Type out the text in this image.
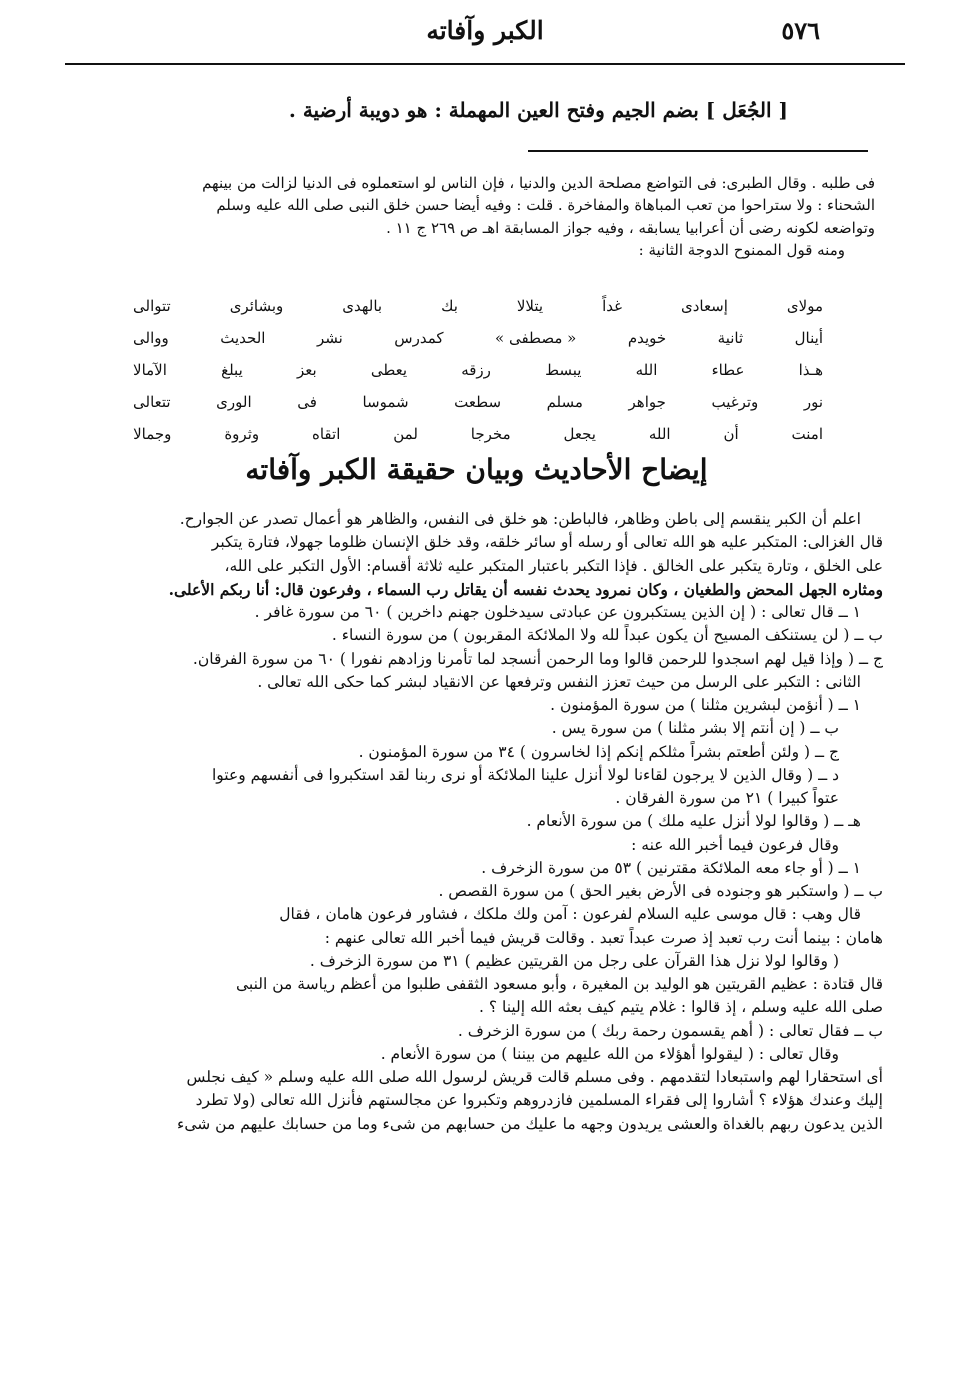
٥٧٦
الكبر وآفاته
[ الجُعَل ] بضم الجيم وفتح العين المهملة : هو دويبة أرضية .
فى طلبه . وقال الطبرى: فى التواضع مصلحة الدين والدنيا ، فإن الناس لو استعملوه فى الدنيا لزالت من بينهم
الشحناء : ولا ستراحوا من تعب المباهاة والمفاخرة . قلت : وفيه أيضا حسن خلق النبى صلى الله عليه وسلم
وتواضعه لكونه رضى أن أعرابيا يسابقه ، وفيه جواز المسابقة اهـ ص ٢٦٩ ج ١١ .
ومنه قول الممنوح الدوجة الثانية :
مولاى
إسعادى
غداً
يتلالا
بك
بالهدى
وبشائرى
تتوالى
أينال
ثانية
خويدم
« مصطفى »
كمدرس
نشر
الحديث
ووالى
هـذا
عطاء
الله
يبسط
رزقه
يعطى
بعز
يبلغ
الآمالا
نور
وترغيب
جواهر
مسلم
سطعت
شموسا
فى
الورى
تتعالى
امنت
أن
الله
يجعل
مخرجا
لمن
اتقاه
وثروة
وجمالا
إيضاح الأحاديث وبيان حقيقة الكبر وآفاته
اعلم أن الكبر ينقسم إلى باطن وظاهر، فالباطن: هو خلق فى النفس، والظاهر هو أعمال تصدر عن الجوارح.
قال الغزالى: المتكبر عليه هو الله تعالى أو رسله أو سائر خلقه، وقد خلق الإنسان ظلوما جهولا، فتارة يتكبر
على الخلق ، وتارة يتكبر على الخالق . فإذا التكبر باعتبار المتكبر عليه ثلاثة أقسام: الأول التكبر على الله،
ومثاره الجهل المحض والطغيان ، وكان نمرود يحدث نفسه أن يقاتل رب السماء ، وفرعون قال: أنا ربكم الأعلى.
١ ــ قال تعالى : ( إن الذين يستكبرون عن عبادتى سيدخلون جهنم داخرين ) ٦٠ من سورة غافر .
ب ــ ( لن يستنكف المسيح أن يكون عبداً لله ولا الملائكة المقربون ) من سورة النساء .
ج ــ ( وإذا قيل لهم اسجدوا للرحمن قالوا وما الرحمن أنسجد لما تأمرنا وزادهم نفورا ) ٦٠ من سورة الفرقان.
الثانى : التكبر على الرسل من حيث تعزز النفس وترفعها عن الانقياد لبشر كما حكى الله تعالى .
١ ــ ( أنؤمن لبشرين مثلنا ) من سورة المؤمنون .
ب ــ ( إن أنتم إلا بشر مثلنا ) من سورة يس .
ج ــ ( ولئن أطعتم بشراً مثلكم إنكم إذا لخاسرون ) ٣٤ من سورة المؤمنون .
د ــ ( وقال الذين لا يرجون لقاءنا لولا أنزل علينا الملائكة أو نرى ربنا لقد استكبروا فى أنفسهم وعتوا
عتواً كبيرا ) ٢١ من سورة الفرقان .
هـ ــ ( وقالوا لولا أنزل عليه ملك ) من سورة الأنعام .
وقال فرعون فيما أخبر الله عنه :
١ ــ ( أو جاء معه الملائكة مقترنين ) ٥٣ من سورة الزخرف .
ب ــ ( واستكبر هو وجنوده فى الأرض بغير الحق ) من سورة القصص .
قال وهب : قال موسى عليه السلام لفرعون : آمن ولك ملكك ، فشاور فرعون هامان ، فقال
هامان : بينما أنت رب تعبد إذ صرت عبداً تعبد . وقالت قريش فيما أخبر الله تعالى عنهم :
( وقالوا لولا نزل هذا القرآن على رجل من القريتين عظيم ) ٣١ من سورة الزخرف .
قال قتادة : عظيم القريتين هو الوليد بن المغيرة ، وأبو مسعود الثقفى طلبوا من أعظم رياسة من النبى
صلى الله عليه وسلم ، إذ قالوا : غلام يتيم كيف بعثه الله إلينا ؟ .
ب ــ فقال تعالى : ( أهم يقسمون رحمة ربك ) من سورة الزخرف .
وقال تعالى : ( ليقولوا أهؤلاء من الله عليهم من بيننا ) من سورة الأنعام .
أى استحقارا لهم واستبعادا لتقدمهم . وفى مسلم قالت قريش لرسول الله صلى الله عليه وسلم « كيف نجلس
إليك وعندك هؤلاء ؟ أشاروا إلى فقراء المسلمين فازدروهم وتكبروا عن مجالستهم فأنزل الله تعالى (ولا تطرد
الذين يدعون ربهم بالغداة والعشى يريدون وجهه ما عليك من حسابهم من شىء وما من حسابك عليهم من شىء
